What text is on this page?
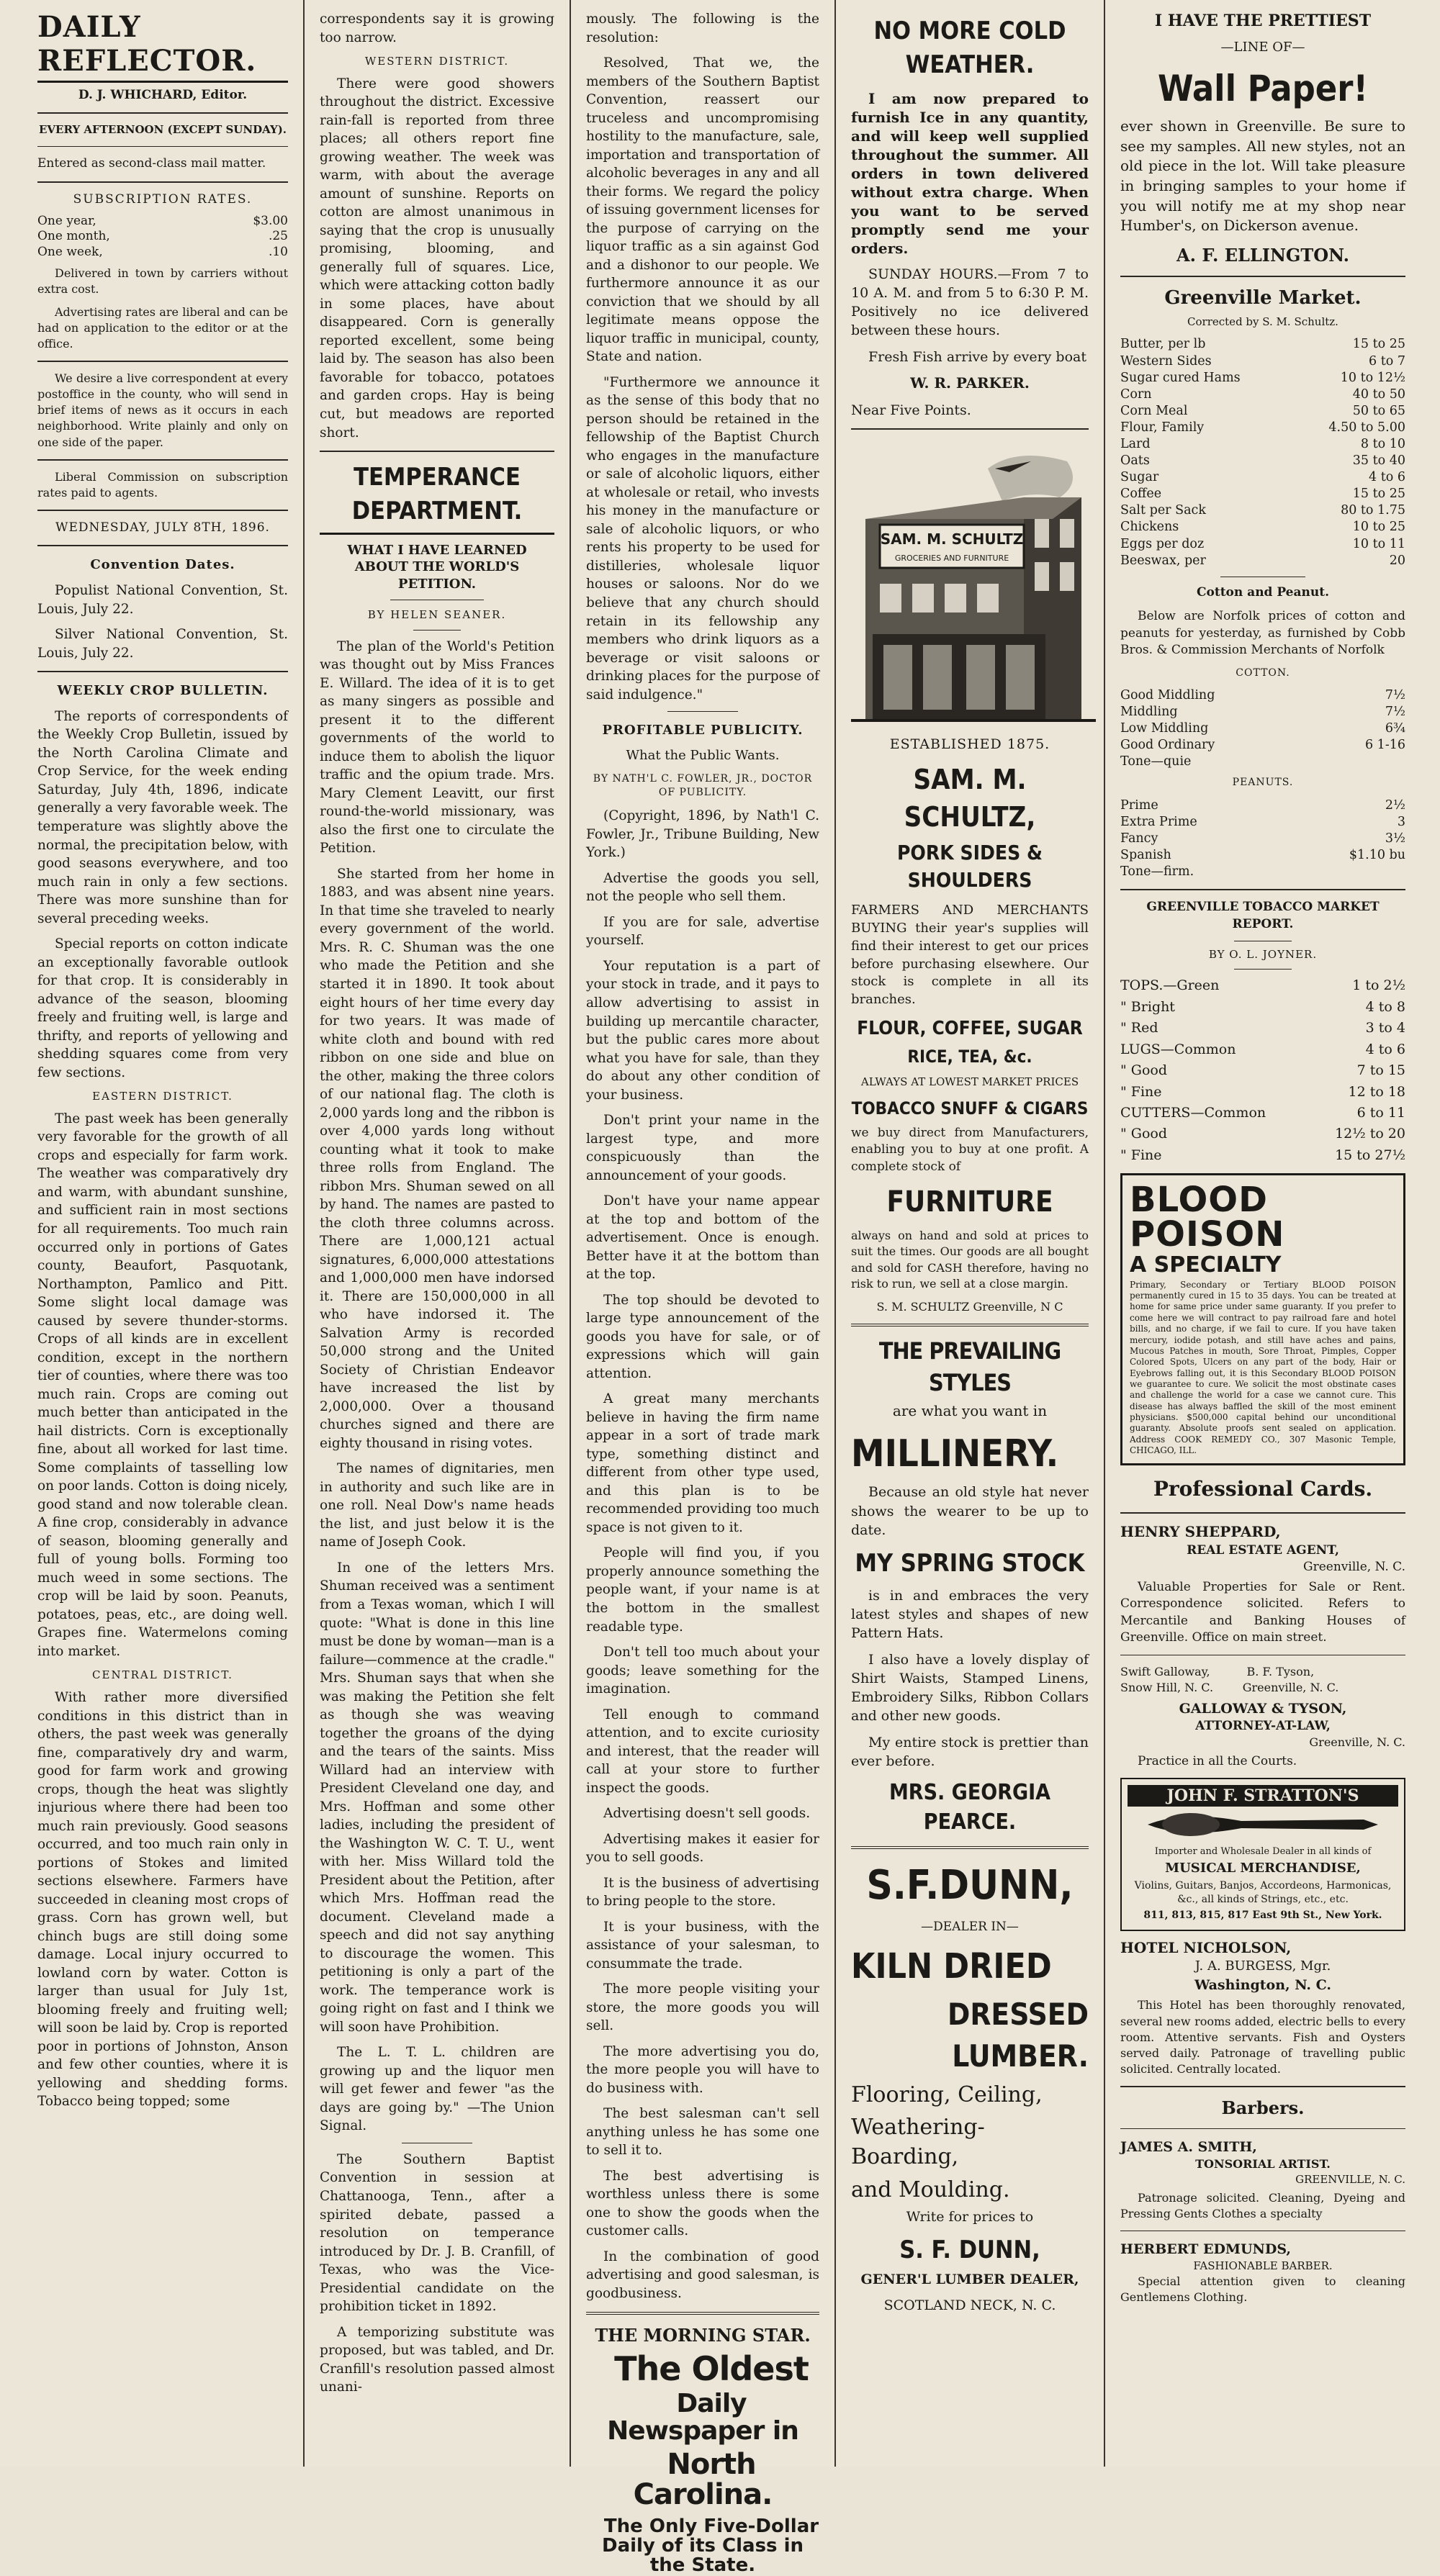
DAILY REFLECTOR.

D. J. WHICHARD, Editor.

EVERY AFTERNOON (EXCEPT SUNDAY).

Entered as second-class mail matter.

SUBSCRIPTION RATES.

One year,	$3.00
One month,	.25
One week,	.10

Delivered in town by carriers without extra cost.

Advertising rates are liberal and can be had on application to the editor or at the office.

We desire a live correspondent at every postoffice in the county, who will send in brief items of news as it occurs in each neighborhood. Write plainly and only on one side of the paper.

Liberal Commission on subscription rates paid to agents.

WEDNESDAY, JULY 8TH, 1896.

Convention Dates.

Populist National Convention, St. Louis, July 22.

Silver National Convention, St. Louis, July 22.

WEEKLY CROP BULLETIN.

The reports of correspondents of the Weekly Crop Bulletin, issued by the North Carolina Climate and Crop Service, for the week ending Saturday, July 4th, 1896, indicate generally a very favorable week. The temperature was slightly above the normal, the precipitation below, with good seasons everywhere, and too much rain in only a few sections. There was more sunshine than for several preceding weeks.

Special reports on cotton indicate an exceptionally favorable outlook for that crop. It is considerably in advance of the season, blooming freely and fruiting well, is large and thrifty, and reports of yellowing and shedding squares come from very few sections.

EASTERN DISTRICT.

The past week has been generally very favorable for the growth of all crops and especially for farm work. The weather was comparatively dry and warm, with abundant sunshine, and sufficient rain in most sections for all requirements. Too much rain occurred only in portions of Gates county, Beaufort, Pasquotank, Northampton, Pamlico and Pitt. Some slight local damage was caused by severe thunder-storms. Crops of all kinds are in excellent condition, except in the northern tier of counties, where there was too much rain. Crops are coming out much better than anticipated in the hail districts. Corn is exceptionally fine, about all worked for last time. Some complaints of tasselling low on poor lands. Cotton is doing nicely, good stand and now tolerable clean. A fine crop, considerably in advance of season, blooming generally and full of young bolls. Forming too much weed in some sections. The crop will be laid by soon. Peanuts, potatoes, peas, etc., are doing well. Grapes fine. Watermelons coming into market.

CENTRAL DISTRICT.

With rather more diversified conditions in this district than in others, the past week was generally fine, comparatively dry and warm, good for farm work and growing crops, though the heat was slightly injurious where there had been too much rain previously. Good seasons occurred, and too much rain only in portions of Stokes and limited sections elsewhere. Farmers have succeeded in cleaning most crops of grass. Corn has grown well, but chinch bugs are still doing some damage. Local injury occurred to lowland corn by water. Cotton is larger than usual for July 1st, blooming freely and fruiting well; will soon be laid by. Crop is reported poor in portions of Johnston, Anson and few other counties, where it is yellowing and shedding forms. Tobacco being topped; some

correspondents say it is growing too narrow.

WESTERN DISTRICT.

There were good showers throughout the district. Excessive rain-fall is reported from three places; all others report fine growing weather. The week was warm, with about the average amount of sunshine. Reports on cotton are almost unanimous in saying that the crop is unusually promising, blooming, and generally full of squares. Lice, which were attacking cotton badly in some places, have about disappeared. Corn is generally reported excellent, some being laid by. The season has also been favorable for tobacco, potatoes and garden crops. Hay is being cut, but meadows are reported short.

TEMPERANCE DEPARTMENT.

WHAT I HAVE LEARNED ABOUT THE WORLD'S PETITION.

BY HELEN SEANER.

The plan of the World's Petition was thought out by Miss Frances E. Willard. The idea of it is to get as many singers as possible and present it to the different governments of the world to induce them to abolish the liquor traffic and the opium trade. Mrs. Mary Clement Leavitt, our first round-the-world missionary, was also the first one to circulate the Petition.

She started from her home in 1883, and was absent nine years. In that time she traveled to nearly every government of the world. Mrs. R. C. Shuman was the one who made the Petition and she started it in 1890. It took about eight hours of her time every day for two years. It was made of white cloth and bound with red ribbon on one side and blue on the other, making the three colors of our national flag. The cloth is 2,000 yards long and the ribbon is over 4,000 yards long without counting what it took to make three rolls from England. The ribbon Mrs. Shuman sewed on all by hand. The names are pasted to the cloth three columns across. There are 1,000,121 actual signatures, 6,000,000 attestations and 1,000,000 men have indorsed it. There are 150,000,000 in all who have indorsed it. The Salvation Army is recorded 50,000 strong and the United Society of Christian Endeavor have increased the list by 2,000,000. Over a thousand churches signed and there are eighty thousand in rising votes.

The names of dignitaries, men in authority and such like are in one roll. Neal Dow's name heads the list, and just below it is the name of Joseph Cook.

In one of the letters Mrs. Shuman received was a sentiment from a Texas woman, which I will quote: "What is done in this line must be done by woman—man is a failure—commence at the cradle." Mrs. Shuman says that when she was making the Petition she felt as though she was weaving together the groans of the dying and the tears of the saints. Miss Willard had an interview with President Cleveland one day, and Mrs. Hoffman and some other ladies, including the president of the Washington W. C. T. U., went with her. Miss Willard told the President about the Petition, after which Mrs. Hoffman read the document. Cleveland made a speech and did not say anything to discourage the women. This petitioning is only a part of the work. The temperance work is going right on fast and I think we will soon have Prohibition.

The L. T. L. children are growing up and the liquor men will get fewer and fewer "as the days are going by." —The Union Signal.

The Southern Baptist Convention in session at Chattanooga, Tenn., after a spirited debate, passed a resolution on temperance introduced by Dr. J. B. Cranfill, of Texas, who was the Vice-Presidential candidate on the prohibition ticket in 1892.

A temporizing substitute was proposed, but was tabled, and Dr. Cranfill's resolution passed almost unani-

mously. The following is the resolution:

Resolved, That we, the members of the Southern Baptist Convention, reassert our truceless and uncompromising hostility to the manufacture, sale, importation and transportation of alcoholic beverages in any and all their forms. We regard the policy of issuing government licenses for the purpose of carrying on the liquor traffic as a sin against God and a dishonor to our people. We furthermore announce it as our conviction that we should by all legitimate means oppose the liquor traffic in municipal, county, State and nation.

"Furthermore we announce it as the sense of this body that no person should be retained in the fellowship of the Baptist Church who engages in the manufacture or sale of alcoholic liquors, either at wholesale or retail, who invests his money in the manufacture or sale of alcoholic liquors, or who rents his property to be used for distilleries, wholesale liquor houses or saloons. Nor do we believe that any church should retain in its fellowship any members who drink liquors as a beverage or visit saloons or drinking places for the purpose of said indulgence."

PROFITABLE PUBLICITY.

What the Public Wants.

BY NATH'L C. FOWLER, JR., DOCTOR OF PUBLICITY.

(Copyright, 1896, by Nath'l C. Fowler, Jr., Tribune Building, New York.)

Advertise the goods you sell, not the people who sell them.

If you are for sale, advertise yourself.

Your reputation is a part of your stock in trade, and it pays to allow advertising to assist in building up mercantile character, but the public cares more about what you have for sale, than they do about any other condition of your business.

Don't print your name in the largest type, and more conspicuously than the announcement of your goods.

Don't have your name appear at the top and bottom of the advertisement. Once is enough. Better have it at the bottom than at the top.

The top should be devoted to large type announcement of the goods you have for sale, or of expressions which will gain attention.

A great many merchants believe in having the firm name appear in a sort of trade mark type, something distinct and different from other type used, and this plan is to be recommended providing too much space is not given to it.

People will find you, if you properly announce something the people want, if your name is at the bottom in the smallest readable type.

Don't tell too much about your goods; leave something for the imagination.

Tell enough to command attention, and to excite curiosity and interest, that the reader will call at your store to further inspect the goods.

Advertising doesn't sell goods.

Advertising makes it easier for you to sell goods.

It is the business of advertising to bring people to the store.

It is your business, with the assistance of your salesman, to consummate the trade.

The more people visiting your store, the more goods you will sell.

The more advertising you do, the more people you will have to do business with.

The best salesman can't sell anything unless he has some one to sell it to.

The best advertising is worthless unless there is some one to show the goods when the customer calls.

In the combination of good advertising and good salesman, is goodbusiness.

THE MORNING STAR.

The Oldest

Daily Newspaper in

North Carolina.

The Only Five-Dollar Daily of its Class in the State.

NO MORE COLD WEATHER.

I am now prepared to furnish Ice in any quantity, and will keep well supplied throughout the summer. All orders in town delivered without extra charge. When you want to be served promptly send me your orders.

SUNDAY HOURS.—From 7 to 10 A. M. and from 5 to 6:30 P. M. Positively no ice delivered between these hours.

Fresh Fish arrive by every boat

W. R. PARKER.

Near Five Points.

SAM. M. SCHULTZ
GROCERIES AND FURNITURE

ESTABLISHED 1875.

SAM. M. SCHULTZ,

PORK SIDES & SHOULDERS

FARMERS AND MERCHANTS BUYING their year's supplies will find their interest to get our prices before purchasing elsewhere. Our stock is complete in all its branches.

FLOUR, COFFEE, SUGAR

RICE, TEA, &c.

ALWAYS AT LOWEST MARKET PRICES

TOBACCO SNUFF & CIGARS

we buy direct from Manufacturers, enabling you to buy at one profit. A complete stock of

FURNITURE

always on hand and sold at prices to suit the times. Our goods are all bought and sold for CASH therefore, having no risk to run, we sell at a close margin.

S. M. SCHULTZ Greenville, N C

THE PREVAILING STYLES

are what you want in

MILLINERY.

Because an old style hat never shows the wearer to be up to date.

MY SPRING STOCK

is in and embraces the very latest styles and shapes of new Pattern Hats.

I also have a lovely display of Shirt Waists, Stamped Linens, Embroidery Silks, Ribbon Collars and other new goods.

My entire stock is prettier than ever before.

MRS. GEORGIA PEARCE.

S.F.DUNN,

—DEALER IN—

KILN DRIED

DRESSED LUMBER.

Flooring, Ceiling,

Weathering-Boarding,

and Moulding.

Write for prices to

S. F. DUNN,

GENER'L LUMBER DEALER,

SCOTLAND NECK, N. C.

I HAVE THE PRETTIEST

—LINE OF—

Wall Paper!

ever shown in Greenville. Be sure to see my samples. All new styles, not an old piece in the lot. Will take pleasure in bringing samples to your home if you will notify me at my shop near Humber's, on Dickerson avenue.

A. F. ELLINGTON.

Greenville Market.

Corrected by S. M. Schultz.

Butter, per lb	15 to 25
Western Sides	6 to 7
Sugar cured Hams	10 to 12½
Corn	40 to 50
Corn Meal	50 to 65
Flour, Family	4.50 to 5.00
Lard	8 to 10
Oats	35 to 40
Sugar	4 to 6
Coffee	15 to 25
Salt per Sack	80 to 1.75
Chickens	10 to 25
Eggs per doz	10 to 11
Beeswax, per	20

Cotton and Peanut.

Below are Norfolk prices of cotton and peanuts for yesterday, as furnished by Cobb Bros. & Commission Merchants of Norfolk

COTTON.

Good Middling	7½
Middling	7½
Low Middling	6¾
Good Ordinary	6 1-16
Tone—quie

PEANUTS.

Prime	2½
Extra Prime	3
Fancy	3½
Spanish	$1.10 bu
Tone—firm.

GREENVILLE TOBACCO MARKET REPORT.

BY O. L. JOYNER.

TOPS.—Green	1 to 2½
" Bright	4 to 8
" Red	3 to 4
LUGS—Common	4 to 6
" Good	7 to 15
" Fine	12 to 18
CUTTERS—Common	6 to 11
" Good	12½ to 20
" Fine	15 to 27½
BLOOD POISON
A SPECIALTY
Primary, Secondary or Tertiary BLOOD POISON permanently cured in 15 to 35 days. You can be treated at home for same price under same guaranty. If you prefer to come here we will contract to pay railroad fare and hotel bills, and no charge, if we fail to cure. If you have taken mercury, iodide potash, and still have aches and pains, Mucous Patches in mouth, Sore Throat, Pimples, Copper Colored Spots, Ulcers on any part of the body, Hair or Eyebrows falling out, it is this Secondary BLOOD POISON we guarantee to cure. We solicit the most obstinate cases and challenge the world for a case we cannot cure. This disease has always baffled the skill of the most eminent physicians. $500,000 capital behind our unconditional guaranty. Absolute proofs sent sealed on application. Address COOK REMEDY CO., 307 Masonic Temple, CHICAGO, ILL.

Professional Cards.

HENRY SHEPPARD,

REAL ESTATE AGENT,

Greenville, N. C.

Valuable Properties for Sale or Rent. Correspondence solicited. Refers to Mercantile and Banking Houses of Greenville. Office on main street.

Swift Galloway,          B. F. Tyson,

Snow Hill, N. C.        Greenville, N. C.

GALLOWAY & TYSON,

ATTORNEY-AT-LAW,

Greenville, N. C.

Practice in all the Courts.

JOHN F. STRATTON'S

Importer and Wholesale Dealer in all kinds of

MUSICAL MERCHANDISE,

Violins, Guitars, Banjos, Accordeons, Harmonicas, &c., all kinds of Strings, etc., etc.

811, 813, 815, 817 East 9th St., New York.

HOTEL NICHOLSON,

J. A. BURGESS, Mgr.

Washington, N. C.

This Hotel has been thoroughly renovated, several new rooms added, electric bells to every room. Attentive servants. Fish and Oysters served daily. Patronage of travelling public solicited. Centrally located.

Barbers.

JAMES A. SMITH,

TONSORIAL ARTIST.

GREENVILLE, N. C.

Patronage solicited. Cleaning, Dyeing and Pressing Gents Clothes a specialty

HERBERT EDMUNDS,

FASHIONABLE BARBER.

Special attention given to cleaning Gentlemens Clothing.
